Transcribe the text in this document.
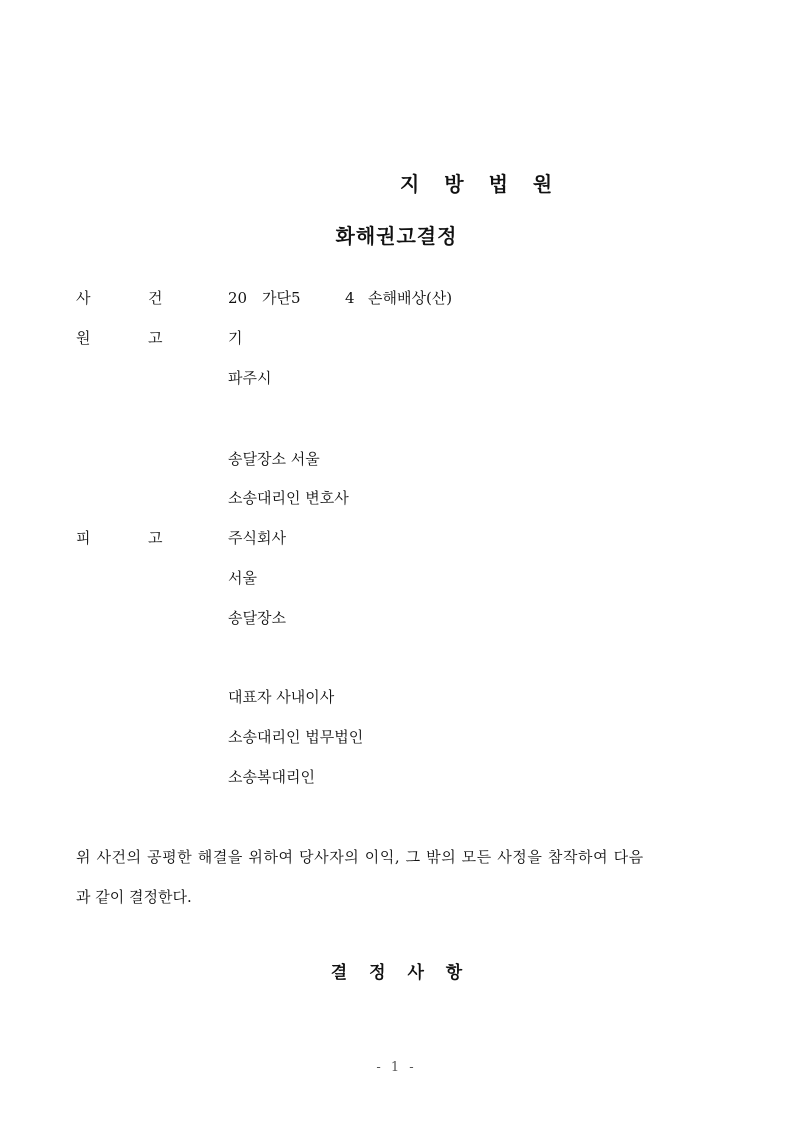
지 방 법 원
화해권고결정
사	건	20 가단5	4 손해배상(산)
원	고	기
파주시
송달장소 서울
소송대리인 변호사
피	고	주식회사
서울
송달장소
대표자 사내이사
소송대리인 법무법인
소송복대리인
위 사건의 공평한 해결을 위하여 당사자의 이익, 그 밖의 모든 사정을 참작하여 다음
과 같이 결정한다.
결 정 사 항
- 1 -
